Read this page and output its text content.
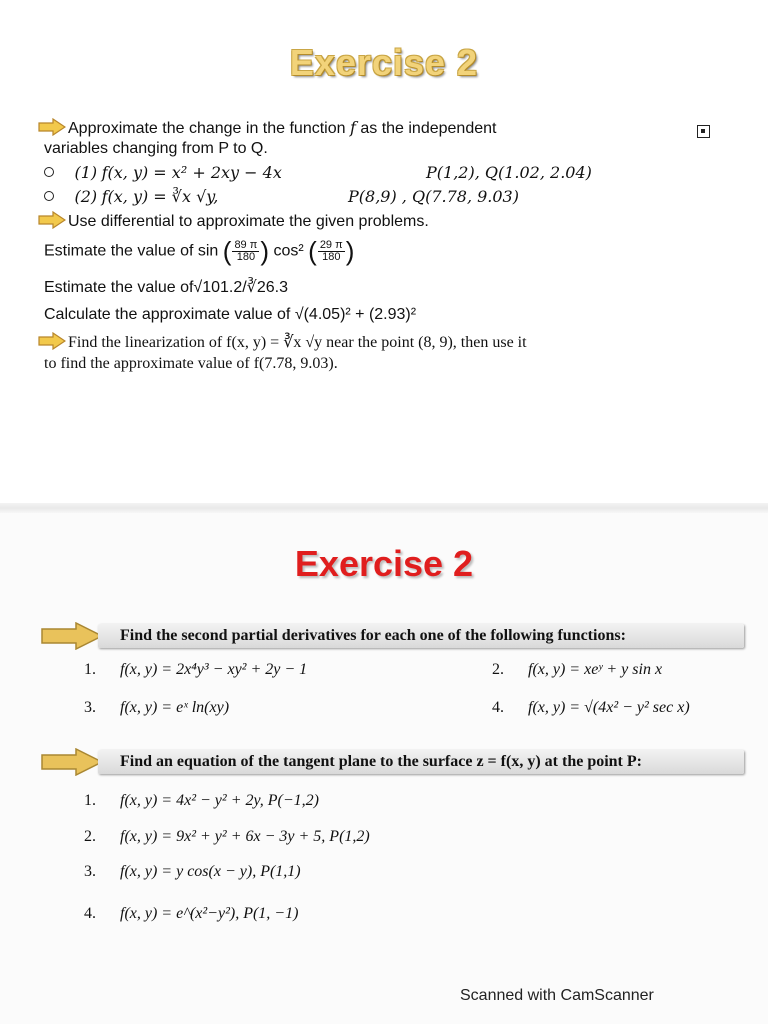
Exercise 2
Approximate the change in the function f as the independent
variables changing from P to Q.
(1) f(x, y) = x² + 2xy − 4x	P(1,2), Q(1.02, 2.04)
(2) f(x, y) = ∛x √y,	P(8,9) , Q(7.78, 9.03)
Use differential to approximate the given problems.
Estimate the value of sin ( $\frac{89 \pi}{180}$ ) cos² ( $\frac{29 \pi}{180}$ )
Estimate the value of√101.2/∛26.3
Calculate the approximate value of √(4.05)² + (2.93)²
Find the linearization of f(x, y) = ∛x √y near the point (8, 9), then use it
to find the approximate value of f(7.78, 9.03).
Exercise 2
Find the second partial derivatives for each one of the following functions:
1. f(x, y) = 2x⁴y³ − xy² + 2y − 1	2. f(x, y) = xeʸ + y sin x
3. f(x, y) = eˣ ln(xy)	4. f(x, y) = √(4x² − y² sec x)
Find an equation of the tangent plane to the surface z = f(x, y) at the point P:
1. f(x, y) = 4x² − y² + 2y, P(−1,2)
2. f(x, y) = 9x² + y² + 6x − 3y + 5, P(1,2)
3. f(x, y) = y cos(x − y), P(1,1)
4. f(x, y) = e^(x²−y²), P(1, −1)
Scanned with CamScanner
